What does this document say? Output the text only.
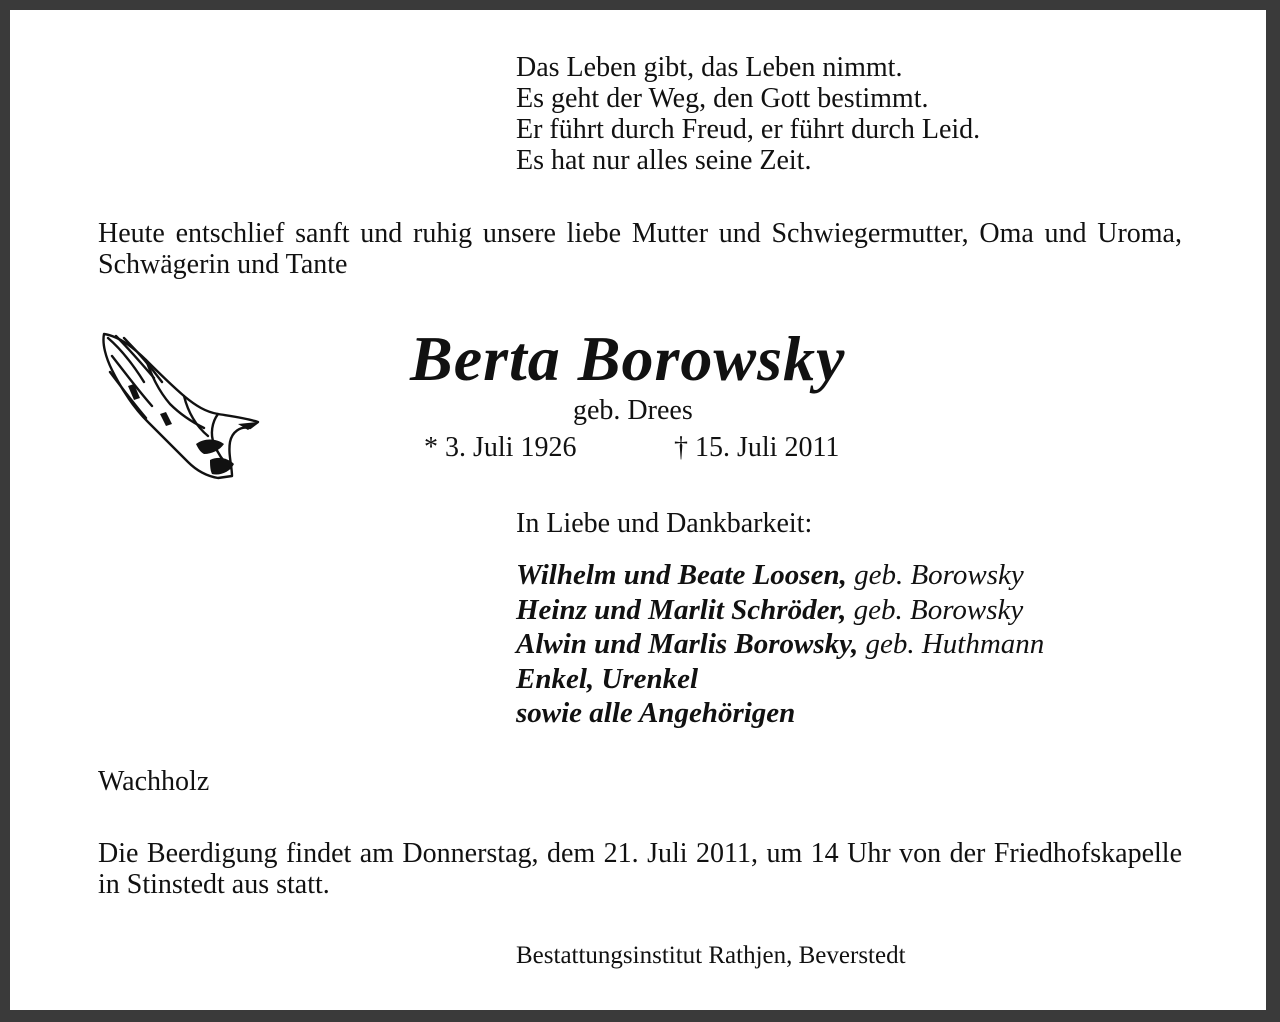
Das Leben gibt, das Leben nimmt.
Es geht der Weg, den Gott bestimmt.
Er führt durch Freud, er führt durch Leid.
Es hat nur alles seine Zeit.
Heute entschlief sanft und ruhig unsere liebe Mutter und Schwiegermutter, Oma und Uroma, Schwägerin und Tante
Berta Borowsky
geb. Drees
* 3. Juli 1926	† 15. Juli 2011
In Liebe und Dankbarkeit:
Wilhelm und Beate Loosen, geb. Borowsky
Heinz und Marlit Schröder, geb. Borowsky
Alwin und Marlis Borowsky, geb. Huthmann
Enkel, Urenkel
sowie alle Angehörigen
Wachholz
Die Beerdigung findet am Donnerstag, dem 21. Juli 2011, um 14 Uhr von der Friedhofskapelle in Stinstedt aus statt.
Bestattungsinstitut Rathjen, Beverstedt
